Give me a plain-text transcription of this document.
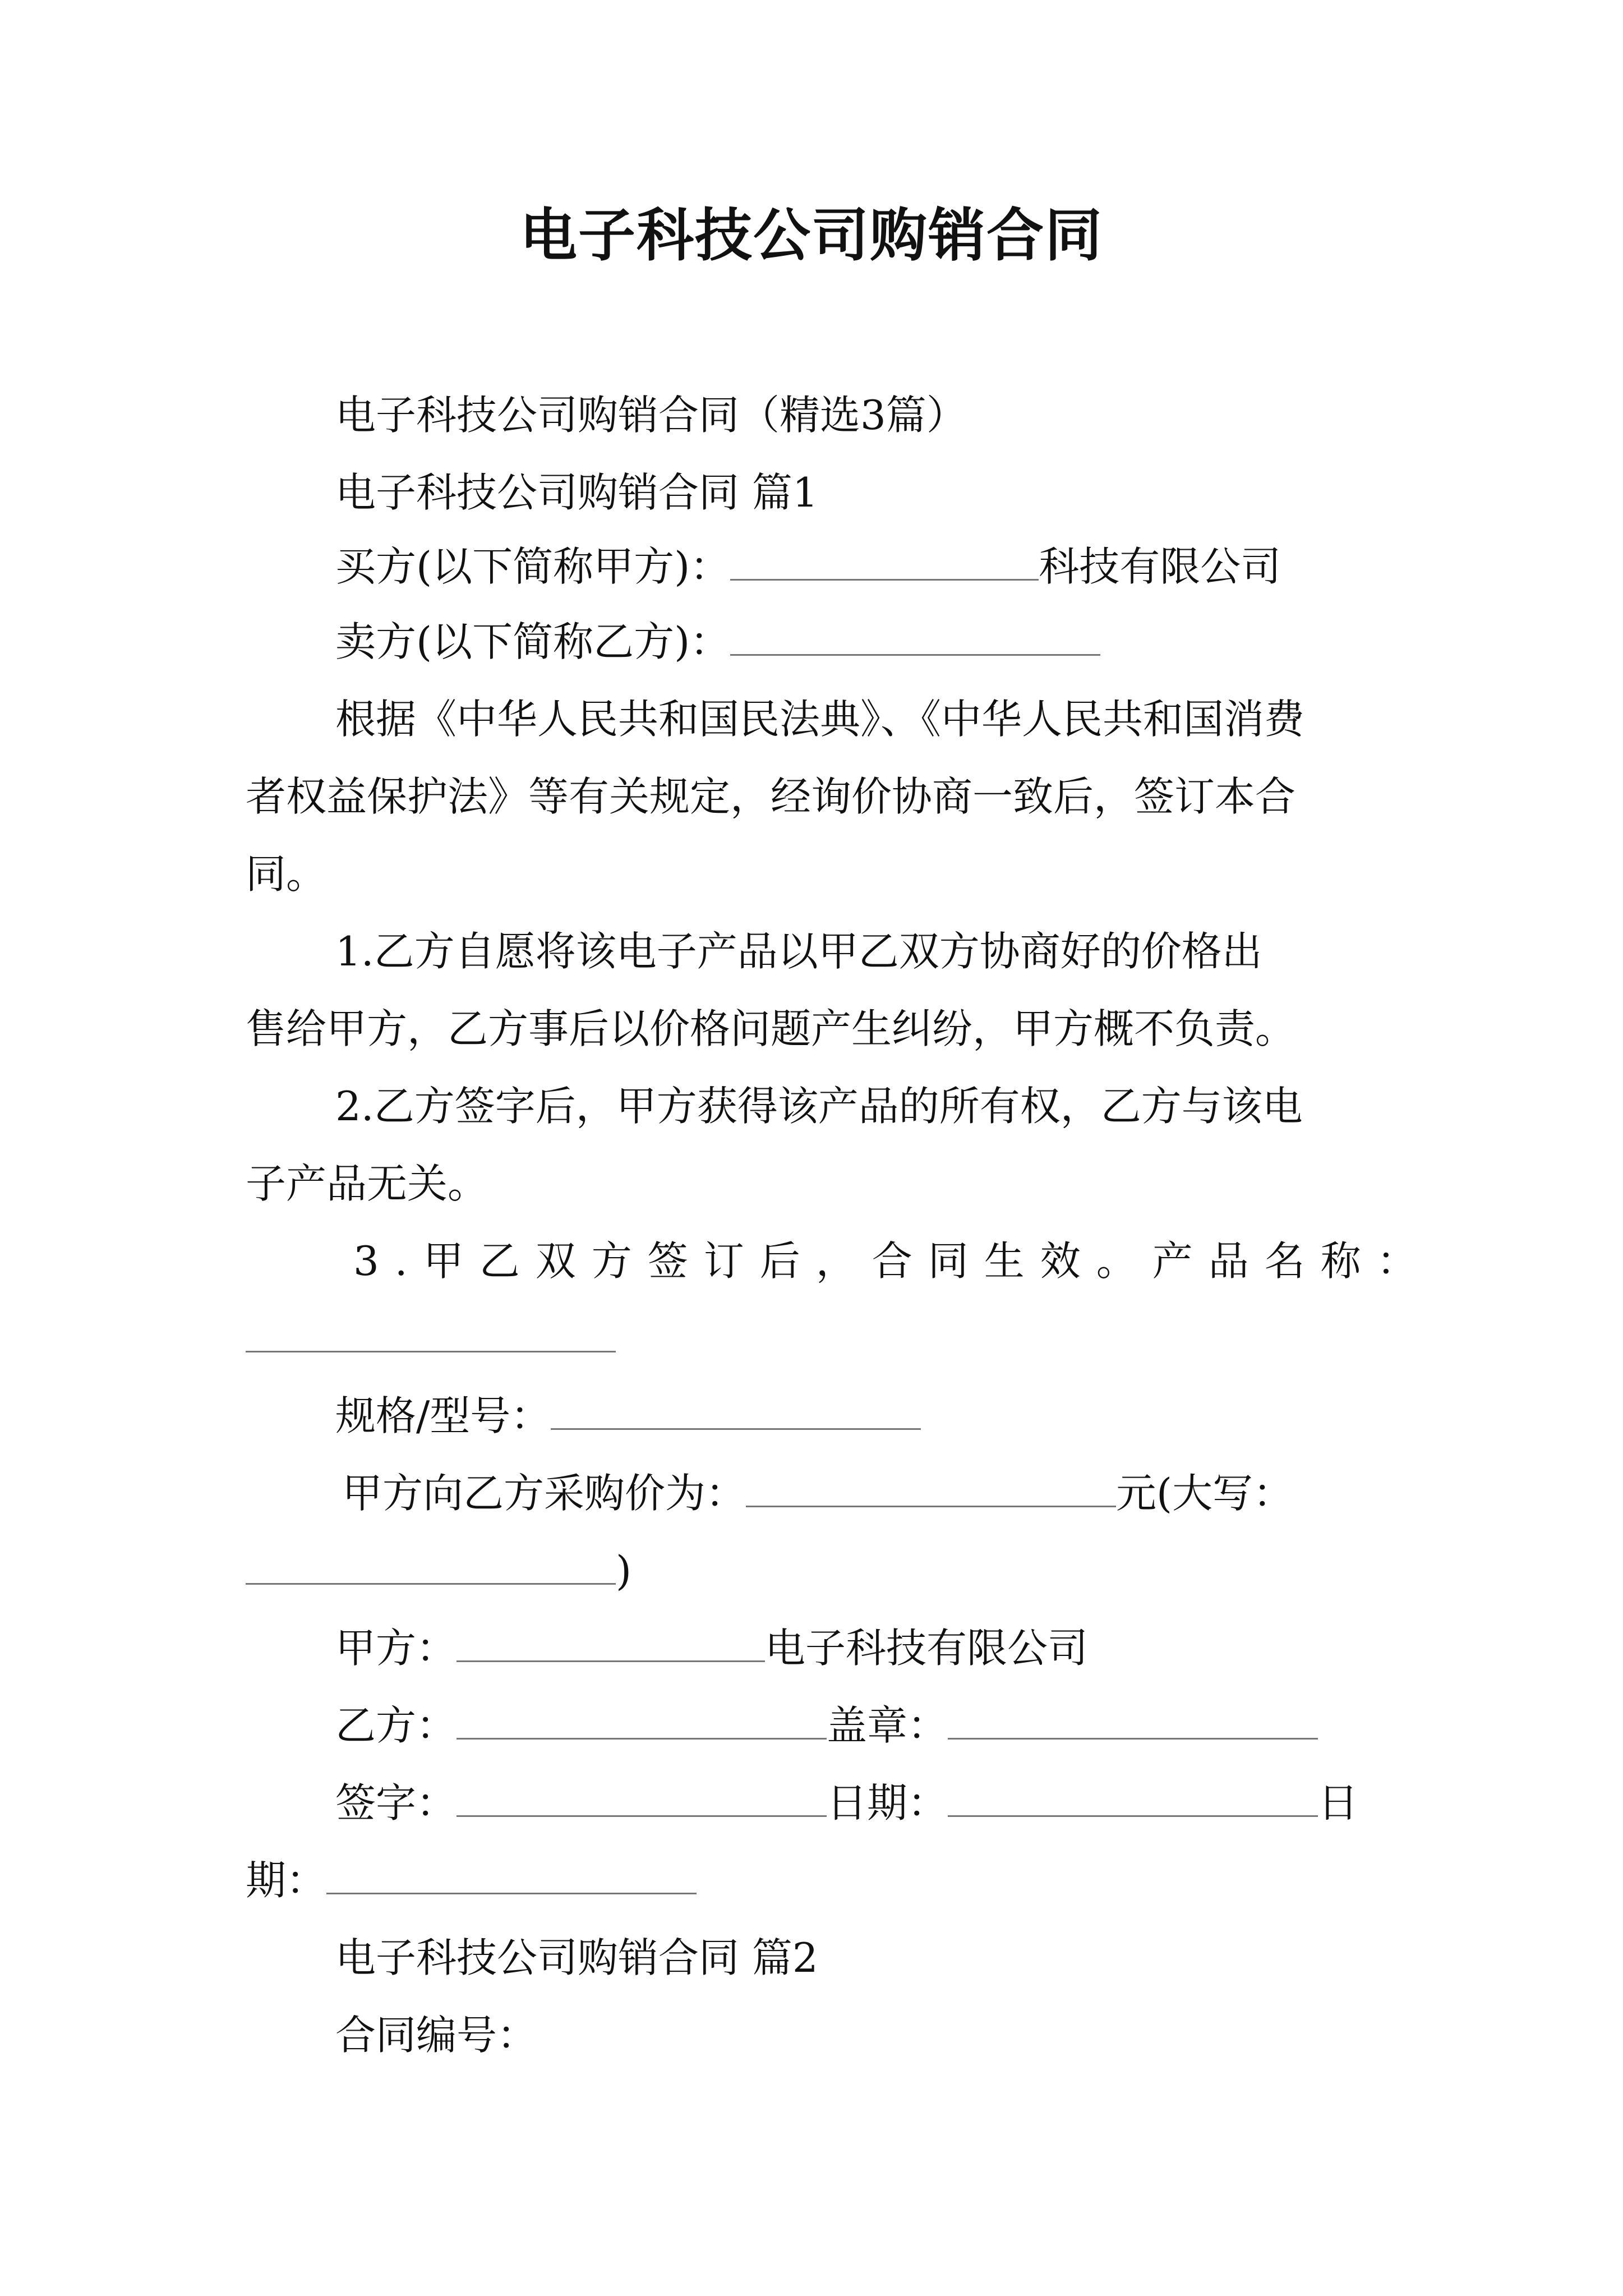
电子科技公司购销合同
电子科技公司购销合同（精选3篇）
电子科技公司购销合同 篇1
买方(以下简称甲方)：	科技有限公司
卖方(以下简称乙方)：
根据《中华人民共和国民法典》、《中华人民共和国消费
者权益保护法》等有关规定，经询价协商一致后，签订本合
同。
1.乙方自愿将该电子产品以甲乙双方协商好的价格出
售给甲方，乙方事后以价格问题产生纠纷，甲方概不负责。
2.乙方签字后，甲方获得该产品的所有权，乙方与该电
子产品无关。
3.甲乙双方签订后，合同生效。产品名称：
规格/型号：
甲方向乙方采购价为：	元(大写：
)
甲方：	电子科技有限公司
乙方：	盖章：
签字：	日期：	日
期：
电子科技公司购销合同 篇2
合同编号：
